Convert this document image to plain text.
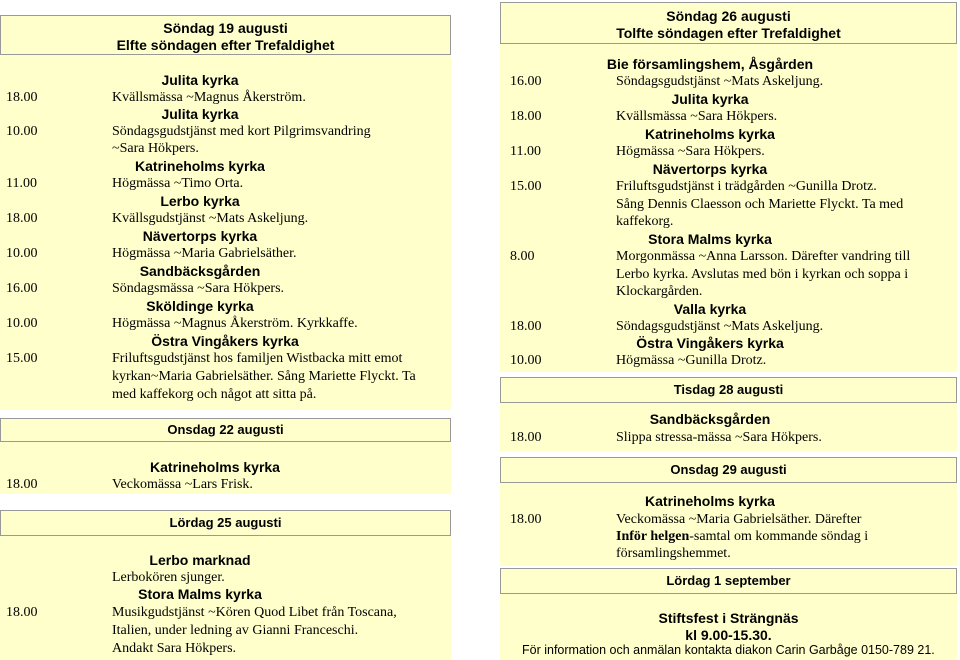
Söndag 19 augusti
Elfte söndagen efter Trefaldighet
Julita kyrka
18.00	Kvällsmässa ~Magnus Åkerström.
Julita kyrka
10.00	Söndagsgudstjänst med kort Pilgrimsvandring
~Sara Hökpers.
Katrineholms kyrka
11.00	Högmässa ~Timo Orta.
Lerbo kyrka
18.00	Kvällsgudstjänst ~Mats Askeljung.
Nävertorps kyrka
10.00	Högmässa ~Maria Gabrielsäther.
Sandbäcksgården
16.00	Söndagsmässa ~Sara Hökpers.
Sköldinge kyrka
10.00	Högmässa ~Magnus Åkerström. Kyrkkaffe.
Östra Vingåkers kyrka
15.00	Friluftsgudstjänst hos familjen Wistbacka mitt emot
kyrkan~Maria Gabrielsäther. Sång Mariette Flyckt. Ta
med kaffekorg och något att sitta på.
Onsdag 22 augusti
Katrineholms kyrka
18.00	Veckomässa ~Lars Frisk.
Lördag 25 augusti
Lerbo marknad
Lerbokören sjunger.
Stora Malms kyrka
18.00	Musikgudstjänst ~Kören Quod Libet från Toscana,
Italien, under ledning av Gianni Franceschi.
Andakt Sara Hökpers.
Söndag 26 augusti
Tolfte söndagen efter Trefaldighet
Bie församlingshem, Åsgården
16.00	Söndagsgudstjänst ~Mats Askeljung.
Julita kyrka
18.00	Kvällsmässa ~Sara Hökpers.
Katrineholms kyrka
11.00	Högmässa ~Sara Hökpers.
Nävertorps kyrka
15.00	Friluftsgudstjänst i trädgården ~Gunilla Drotz.
Sång Dennis Claesson och Mariette Flyckt. Ta med
kaffekorg.
Stora Malms kyrka
8.00	Morgonmässa ~Anna Larsson. Därefter vandring till
Lerbo kyrka. Avslutas med bön i kyrkan och soppa i
Klockargården.
Valla kyrka
18.00	Söndagsgudstjänst ~Mats Askeljung.
Östra Vingåkers kyrka
10.00	Högmässa ~Gunilla Drotz.
Tisdag 28 augusti
Sandbäcksgården
18.00	Slippa stressa-mässa ~Sara Hökpers.
Onsdag 29 augusti
Katrineholms kyrka
18.00	Veckomässa ~Maria Gabrielsäther. Därefter
Inför helgen-samtal om kommande söndag i
församlingshemmet.
Lördag 1 september
Stiftsfest i Strängnäs
kl 9.00-15.30.
För information och anmälan kontakta diakon Carin Garbåge 0150-789 21.
